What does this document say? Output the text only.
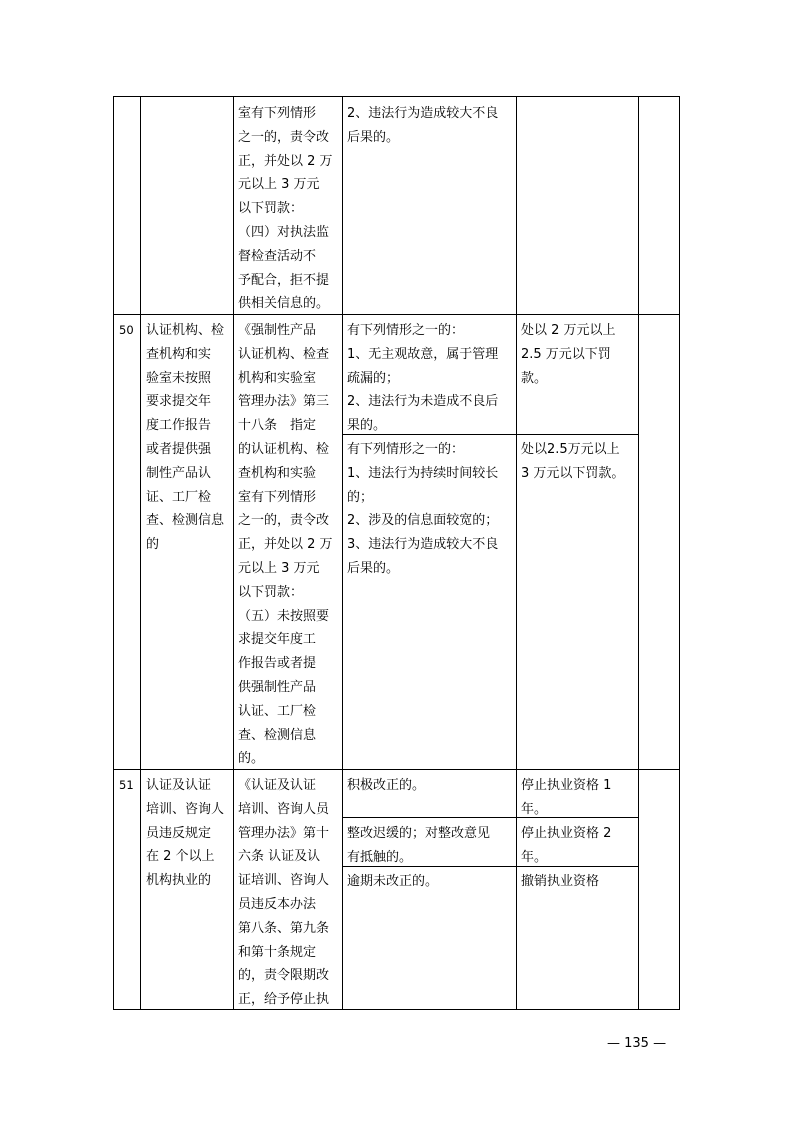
室有下列情形
之一的，责令改
正，并处以 2 万
元以上 3 万元
以下罚款：
（四）对执法监
督检查活动不
予配合，拒不提
供相关信息的。
2、违法行为造成较大不良
后果的。
50 认证机构、检
查机构和实
验室未按照
要求提交年
度工作报告
或者提供强
制性产品认
证、工厂检
查、检测信息
的
《强制性产品
认证机构、检查
机构和实验室
管理办法》第三
十八条　指定
的认证机构、检
查机构和实验
室有下列情形
之一的，责令改
正，并处以 2 万
元以上 3 万元
以下罚款：
（五）未按照要
求提交年度工
作报告或者提
供强制性产品
认证、工厂检
查、检测信息
的。
有下列情形之一的：
1、无主观故意，属于管理
疏漏的；
2、违法行为未造成不良后
果的。
处以 2 万元以上
2.5 万元以下罚
款。
有下列情形之一的：
1、违法行为持续时间较长
的；
2、涉及的信息面较宽的；
3、违法行为造成较大不良
后果的。
处以2.5万元以上
3 万元以下罚款。
51 认证及认证
培训、咨询人
员违反规定
在 2 个以上
机构执业的
《认证及认证
培训、咨询人员
管理办法》第十
六条 认证及认
证培训、咨询人
员违反本办法
第八条、第九条
和第十条规定
的，责令限期改
正，给予停止执
积极改正的。	停止执业资格 1
年。
整改迟缓的；对整改意见
有抵触的。
停止执业资格 2
年。
逾期未改正的。	撤销执业资格
— 135 —
